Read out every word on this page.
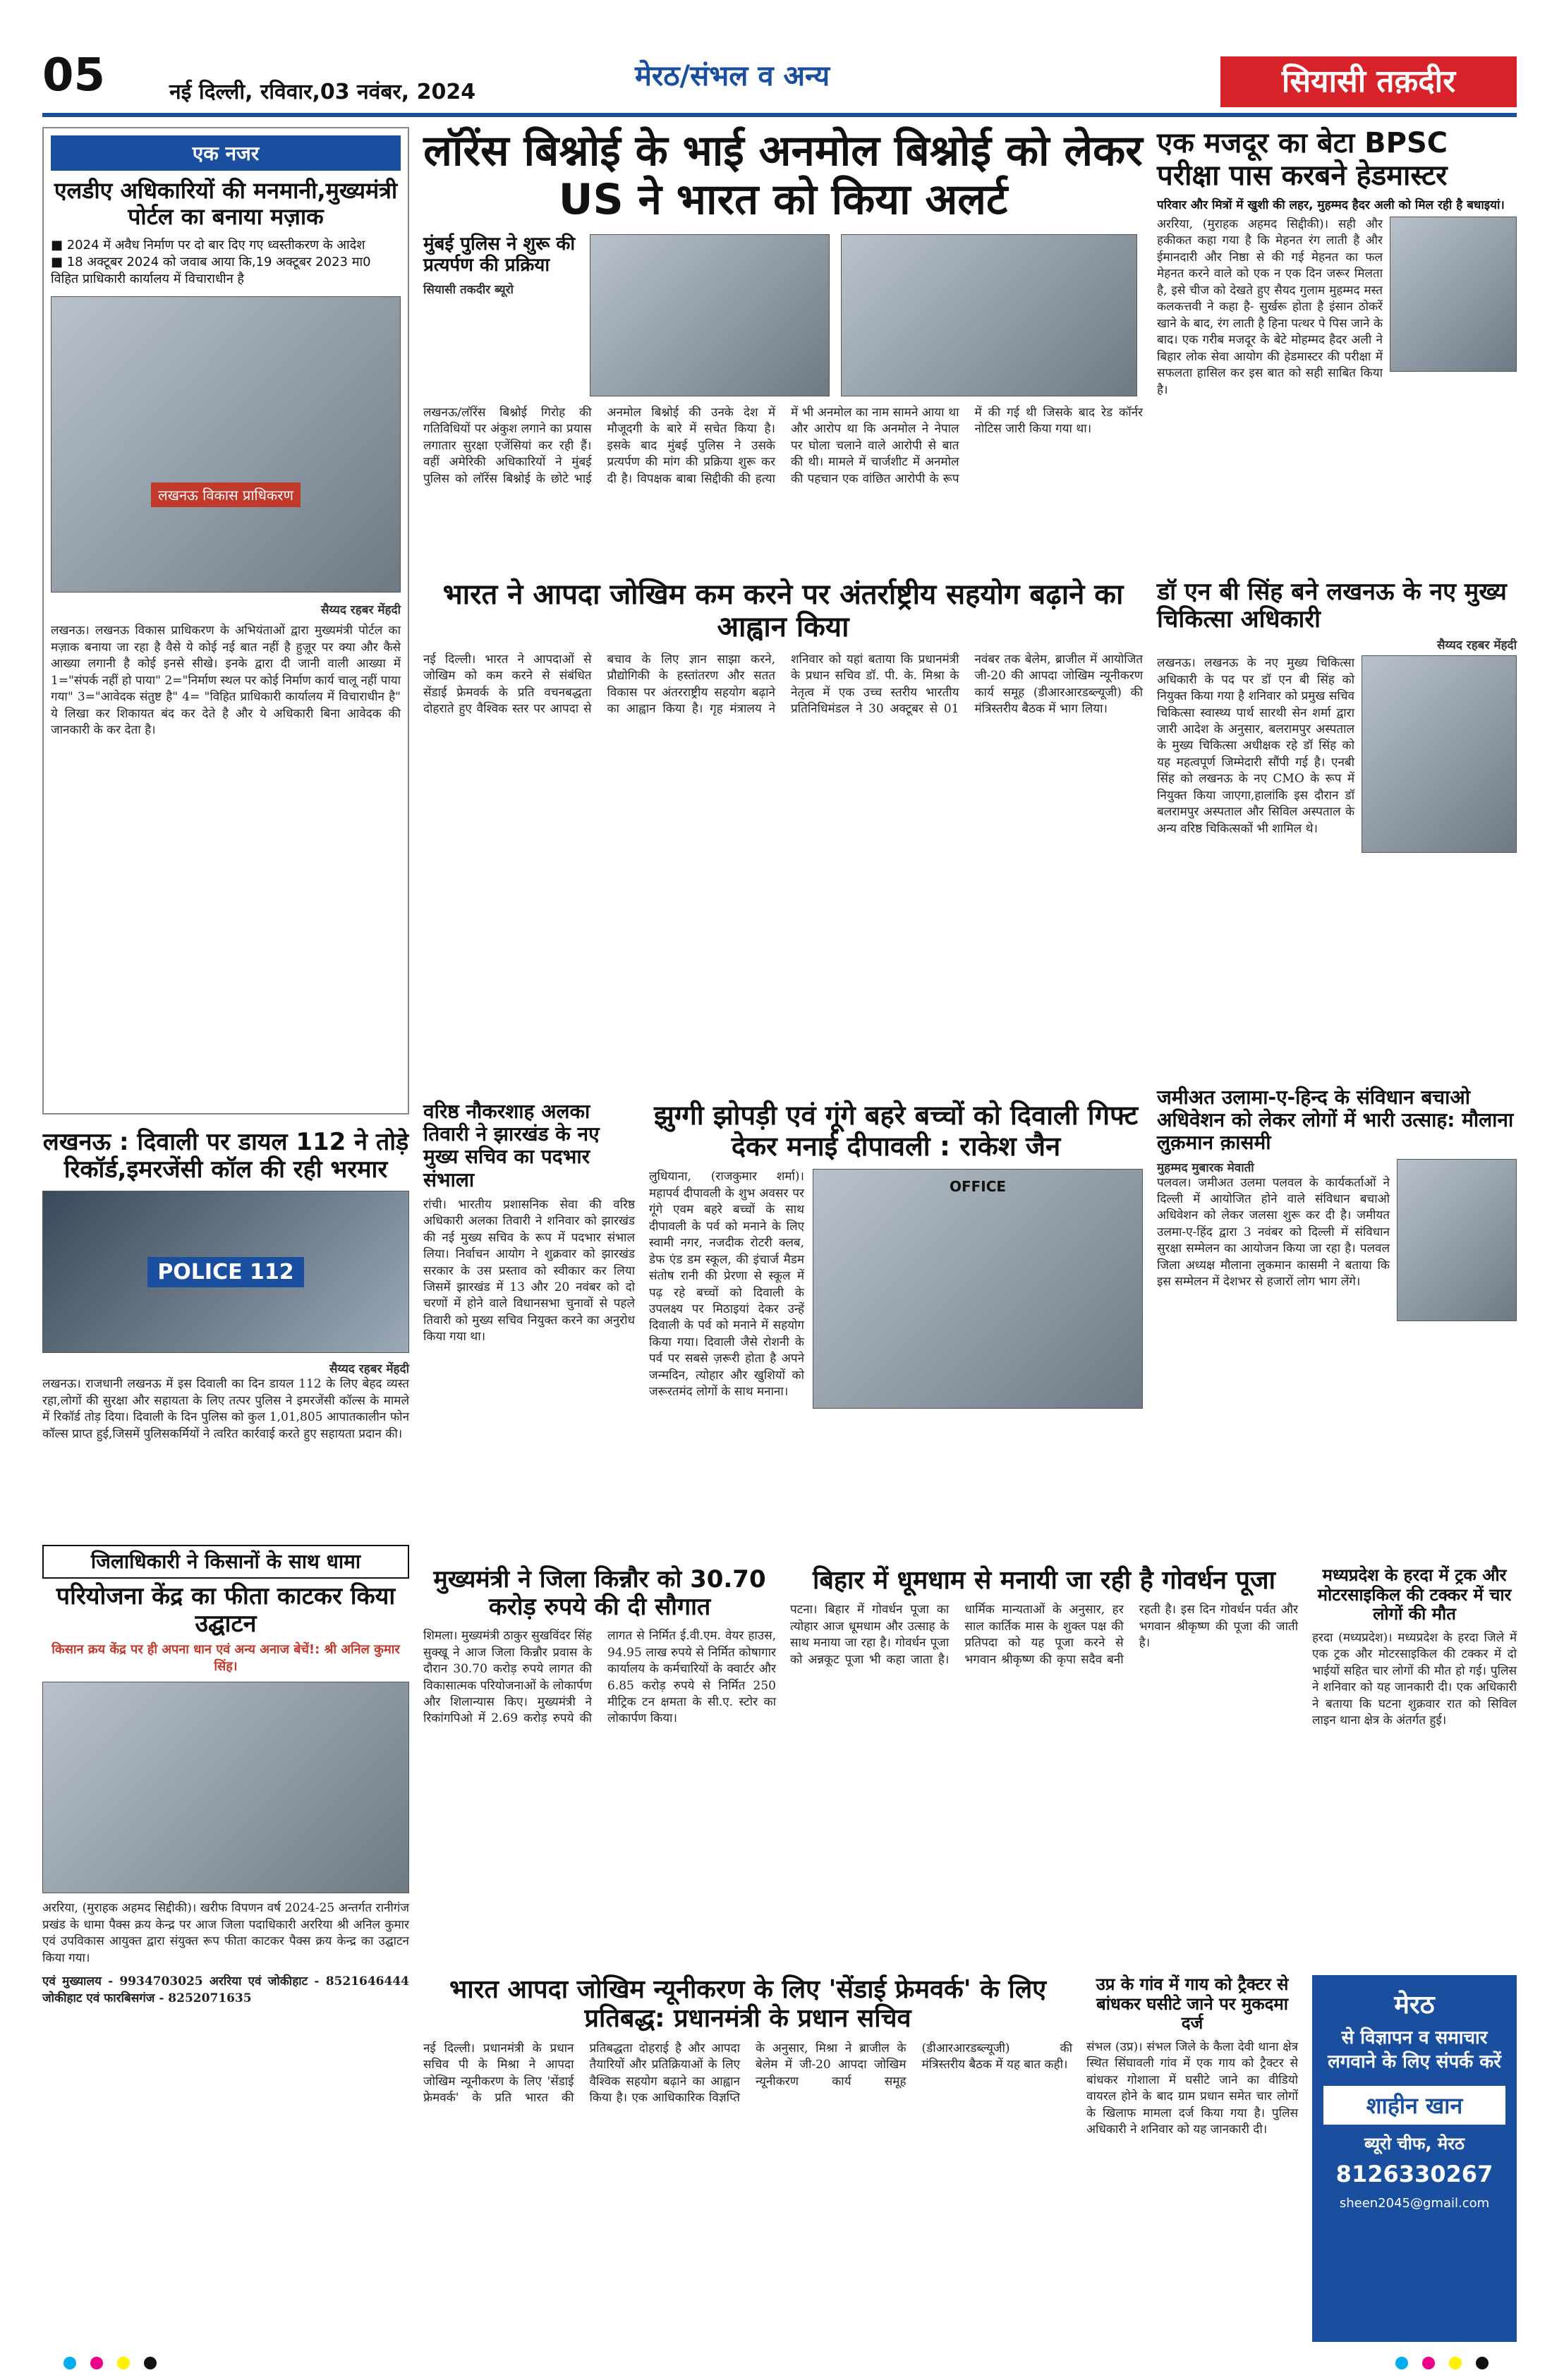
05	नई दिल्ली, रविवार,03 नवंबर, 2024	मेरठ/संभल व अन्य	सियासी तक़दीर
एक नजर
एलडीए अधिकारियों की मनमानी,मुख्यमंत्री पोर्टल का बनाया मज़ाक
■ 2024 में अवैध निर्माण पर दो बार दिए गए ध्वस्तीकरण के आदेश
■ 18 अक्टूबर 2024 को जवाब आया कि,19 अक्टूबर 2023 मा0 विहित प्राधिकारी कार्यालय में विचाराधीन है
लखनऊ विकास प्राधिकरण
सैय्यद रहबर मेंहदी
लखनऊ। लखनऊ विकास प्राधिकरण के अभियंताओं द्वारा मुख्यमंत्री पोर्टल का मज़ाक बनाया जा रहा है वैसे ये कोई नई बात नहीं है हुज़ूर पर क्या और कैसे आख्या लगानी है कोई इनसे सीखे। इनके द्वारा दी जानी वाली आख्या में 1="संपर्क नहीं हो पाया" 2="निर्माण स्थल पर कोई निर्माण कार्य चालू नहीं पाया गया" 3="आवेदक संतुष्ट है" 4= "विहित प्राधिकारी कार्यालय में विचाराधीन है" ये लिखा कर शिकायत बंद कर देते है और ये अधिकारी बिना आवेदक की जानकारी के कर देता है।
लखनऊ : दिवाली पर डायल 112 ने तोड़े रिकॉर्ड,इमरजेंसी कॉल की रही भरमार
POLICE 112
सैय्यद रहबर मेंहदी
लखनऊ। राजधानी लखनऊ में इस दिवाली का दिन डायल 112 के लिए बेहद व्यस्त रहा,लोगों की सुरक्षा और सहायता के लिए तत्पर पुलिस ने इमरजेंसी कॉल्स के मामले में रिकॉर्ड तोड़ दिया। दिवाली के दिन पुलिस को कुल 1,01,805 आपातकालीन फोन कॉल्स प्राप्त हुई,जिसमें पुलिसकर्मियों ने त्वरित कार्रवाई करते हुए सहायता प्रदान की।
जिलाधिकारी ने किसानों के साथ धामा
परियोजना केंद्र का फीता काटकर किया उद्घाटन
किसान क्रय केंद्र पर ही अपना धान एवं अन्य अनाज बेचें!: श्री अनिल कुमार सिंह।
अररिया, (मुराहक अहमद सिद्दीकी)। खरीफ विपणन वर्ष 2024-25 अन्तर्गत रानीगंज प्रखंड के धामा पैक्स क्रय केन्द्र पर आज जिला पदाधिकारी अररिया श्री अनिल कुमार एवं उपविकास आयुक्त द्वारा संयुक्त रूप फीता काटकर पैक्स क्रय केन्द्र का उद्घाटन किया गया।
एवं मुख्यालय - 9934703025 अररिया एवं जोकीहाट - 8521646444 जोकीहाट एवं फारबिसगंज - 8252071635
लॉरेंस बिश्नोई के भाई अनमोल बिश्नोई को लेकर US ने भारत को किया अलर्ट
मुंबई पुलिस ने शुरू की प्रत्यर्पण की प्रक्रिया
सियासी तकदीर ब्यूरो
लखनऊ/लॉरेंस बिश्नोई गिरोह की गतिविधियों पर अंकुश लगाने का प्रयास लगातार सुरक्षा एजेंसियां कर रही हैं। वहीं अमेरिकी अधिकारियों ने मुंबई पुलिस को लॉरेंस बिश्नोई के छोटे भाई अनमोल बिश्नोई की उनके देश में मौजूदगी के बारे में सचेत किया है। इसके बाद मुंबई पुलिस ने उसके प्रत्यर्पण की मांग की प्रक्रिया शुरू कर दी है। विपक्षक बाबा सिद्दीकी की हत्या में भी अनमोल का नाम सामने आया था और आरोप था कि अनमोल ने नेपाल पर घोला चलाने वाले आरोपी से बात की थी। मामले में चार्जशीट में अनमोल की पहचान एक वांछित आरोपी के रूप में की गई थी जिसके बाद रेड कॉर्नर नोटिस जारी किया गया था।
एक मजदूर का बेटा BPSC परीक्षा पास करबने हेडमास्टर
परिवार और मित्रों में खुशी की लहर, मुहम्मद हैदर अली को मिल रही है बधाइयां।
अररिया, (मुराहक अहमद सिद्दीकी)। सही और हकीकत कहा गया है कि मेहनत रंग लाती है और ईमानदारी और निष्ठा से की गई मेहनत का फल मेहनत करने वाले को एक न एक दिन जरूर मिलता है, इसे चीज को देखते हुए सैयद गुलाम मुहम्मद मस्त कलकत्तवी ने कहा है- सुर्खरू होता है इंसान ठोकरें खाने के बाद, रंग लाती है हिना पत्थर पे पिस जाने के बाद। एक गरीब मजदूर के बेटे मोहम्मद हैदर अली ने बिहार लोक सेवा आयोग की हेडमास्टर की परीक्षा में सफलता हासिल कर इस बात को सही साबित किया है।
भारत ने आपदा जोखिम कम करने पर अंतर्राष्ट्रीय सहयोग बढ़ाने का आह्वान किया
नई दिल्ली। भारत ने आपदाओं से जोखिम को कम करने से संबंधित सेंडाई फ्रेमवर्क के प्रति वचनबद्धता दोहराते हुए वैश्विक स्तर पर आपदा से बचाव के लिए ज्ञान साझा करने, प्रौद्योगिकी के हस्तांतरण और सतत विकास पर अंतरराष्ट्रीय सहयोग बढ़ाने का आह्वान किया है। गृह मंत्रालय ने शनिवार को यहां बताया कि प्रधानमंत्री के प्रधान सचिव डॉ. पी. के. मिश्रा के नेतृत्व में एक उच्च स्तरीय भारतीय प्रतिनिधिमंडल ने 30 अक्टूबर से 01 नवंबर तक बेलेम, ब्राजील में आयोजित जी-20 की आपदा जोखिम न्यूनीकरण कार्य समूह (डीआरआरडब्ल्यूजी) की मंत्रिस्तरीय बैठक में भाग लिया।
डॉ एन बी सिंह बने लखनऊ के नए मुख्य चिकित्सा अधिकारी
सैय्यद रहबर मेंहदी
लखनऊ। लखनऊ के नए मुख्य चिकित्सा अधिकारी के पद पर डॉ एन बी सिंह को नियुक्त किया गया है शनिवार को प्रमुख सचिव चिकित्सा स्वास्थ्य पार्थ सारथी सेन शर्मा द्वारा जारी आदेश के अनुसार, बलरामपुर अस्पताल के मुख्य चिकित्सा अधीक्षक रहे डॉ सिंह को यह महत्वपूर्ण जिम्मेदारी सौंपी गई है। एनबी सिंह को लखनऊ के नए CMO के रूप में नियुक्त किया जाएगा,हालांकि इस दौरान डॉ बलरामपुर अस्पताल और सिविल अस्पताल के अन्य वरिष्ठ चिकित्सकों भी शामिल थे।
वरिष्ठ नौकरशाह अलका तिवारी ने झारखंड के नए मुख्य सचिव का पदभार संभाला
रांची। भारतीय प्रशासनिक सेवा की वरिष्ठ अधिकारी अलका तिवारी ने शनिवार को झारखंड की नई मुख्य सचिव के रूप में पदभार संभाल लिया। निर्वाचन आयोग ने शुक्रवार को झारखंड सरकार के उस प्रस्ताव को स्वीकार कर लिया जिसमें झारखंड में 13 और 20 नवंबर को दो चरणों में होने वाले विधानसभा चुनावों से पहले तिवारी को मुख्य सचिव नियुक्त करने का अनुरोध किया गया था।
झुग्गी झोपड़ी एवं गूंगे बहरे बच्चों को दिवाली गिफ्ट देकर मनाई दीपावली : राकेश जैन
लुधियाना, (राजकुमार शर्मा)। महापर्व दीपावली के शुभ अवसर पर गूंगे एवम बहरे बच्चों के साथ दीपावली के पर्व को मनाने के लिए स्वामी नगर, नजदीक रोटरी क्लब, डेफ एंड डम स्कूल, की इंचार्ज मैडम संतोष रानी की प्रेरणा से स्कूल में पढ़ रहे बच्चों को दिवाली के उपलक्ष्य पर मिठाइयां देकर उन्हें दिवाली के पर्व को मनाने में सहयोग किया गया। दिवाली जैसे रोशनी के पर्व पर सबसे ज़रूरी होता है अपने जन्मदिन, त्योहार और खुशियों को जरूरतमंद लोगों के साथ मनाना।
OFFICE
जमीअत उलामा-ए-हिन्द के संविधान बचाओ अधिवेशन को लेकर लोगों में भारी उत्साह: मौलाना लुक़मान क़ासमी
मुहम्मद मुबारक मेवाती
पलवल। जमीअत उलमा पलवल के कार्यकर्ताओं ने दिल्ली में आयोजित होने वाले संविधान बचाओ अधिवेशन को लेकर जलसा शुरू कर दी है। जमीयत उलमा-ए-हिंद द्वारा 3 नवंबर को दिल्ली में संविधान सुरक्षा सम्मेलन का आयोजन किया जा रहा है। पलवल जिला अध्यक्ष मौलाना लुकमान कासमी ने बताया कि इस सम्मेलन में देशभर से हजारों लोग भाग लेंगे।
मुख्यमंत्री ने जिला किन्नौर को 30.70 करोड़ रुपये की दी सौगात
शिमला। मुख्यमंत्री ठाकुर सुखविंदर सिंह सुक्खू ने आज जिला किन्नौर प्रवास के दौरान 30.70 करोड़ रुपये लागत की विकासात्मक परियोजनाओं के लोकार्पण और शिलान्यास किए। मुख्यमंत्री ने रिकांगपिओ में 2.69 करोड़ रुपये की लागत से निर्मित ई.वी.एम. वेयर हाउस, 94.95 लाख रुपये से निर्मित कोषागार कार्यालय के कर्मचारियों के क्वार्टर और 6.85 करोड़ रुपये से निर्मित 250 मीट्रिक टन क्षमता के सी.ए. स्टोर का लोकार्पण किया।
बिहार में धूमधाम से मनायी जा रही है गोवर्धन पूजा
पटना। बिहार में गोवर्धन पूजा का त्योहार आज धूमधाम और उत्साह के साथ मनाया जा रहा है। गोवर्धन पूजा को अन्नकूट पूजा भी कहा जाता है। धार्मिक मान्यताओं के अनुसार, हर साल कार्तिक मास के शुक्ल पक्ष की प्रतिपदा को यह पूजा करने से भगवान श्रीकृष्ण की कृपा सदैव बनी रहती है। इस दिन गोवर्धन पर्वत और भगवान श्रीकृष्ण की पूजा की जाती है।
मध्यप्रदेश के हरदा में ट्रक और मोटरसाइकिल की टक्कर में चार लोगों की मौत
हरदा (मध्यप्रदेश)। मध्यप्रदेश के हरदा जिले में एक ट्रक और मोटरसाइकिल की टक्कर में दो भाईयों सहित चार लोगों की मौत हो गई। पुलिस ने शनिवार को यह जानकारी दी। एक अधिकारी ने बताया कि घटना शुक्रवार रात को सिविल लाइन थाना क्षेत्र के अंतर्गत हुई।
भारत आपदा जोखिम न्यूनीकरण के लिए 'सेंडाई फ्रेमवर्क' के लिए प्रतिबद्ध: प्रधानमंत्री के प्रधान सचिव
नई दिल्ली। प्रधानमंत्री के प्रधान सचिव पी के मिश्रा ने आपदा जोखिम न्यूनीकरण के लिए 'सेंडाई फ्रेमवर्क' के प्रति भारत की प्रतिबद्धता दोहराई है और आपदा तैयारियों और प्रतिक्रियाओं के लिए वैश्विक सहयोग बढ़ाने का आह्वान किया है। एक आधिकारिक विज्ञप्ति के अनुसार, मिश्रा ने ब्राजील के बेलेम में जी-20 आपदा जोखिम न्यूनीकरण कार्य समूह (डीआरआरडब्ल्यूजी) की मंत्रिस्तरीय बैठक में यह बात कही।
उप्र के गांव में गाय को ट्रैक्टर से बांधकर घसीटे जाने पर मुकदमा दर्ज
संभल (उप्र)। संभल जिले के कैला देवी थाना क्षेत्र स्थित सिंघावली गांव में एक गाय को ट्रैक्टर से बांधकर गोशाला में घसीटे जाने का वीडियो वायरल होने के बाद ग्राम प्रधान समेत चार लोगों के खिलाफ मामला दर्ज किया गया है। पुलिस अधिकारी ने शनिवार को यह जानकारी दी।
मेरठ
से विज्ञापन व समाचार लगवाने के लिए संपर्क करें
शाहीन खान
ब्यूरो चीफ, मेरठ
8126330267
sheen2045@gmail.com
